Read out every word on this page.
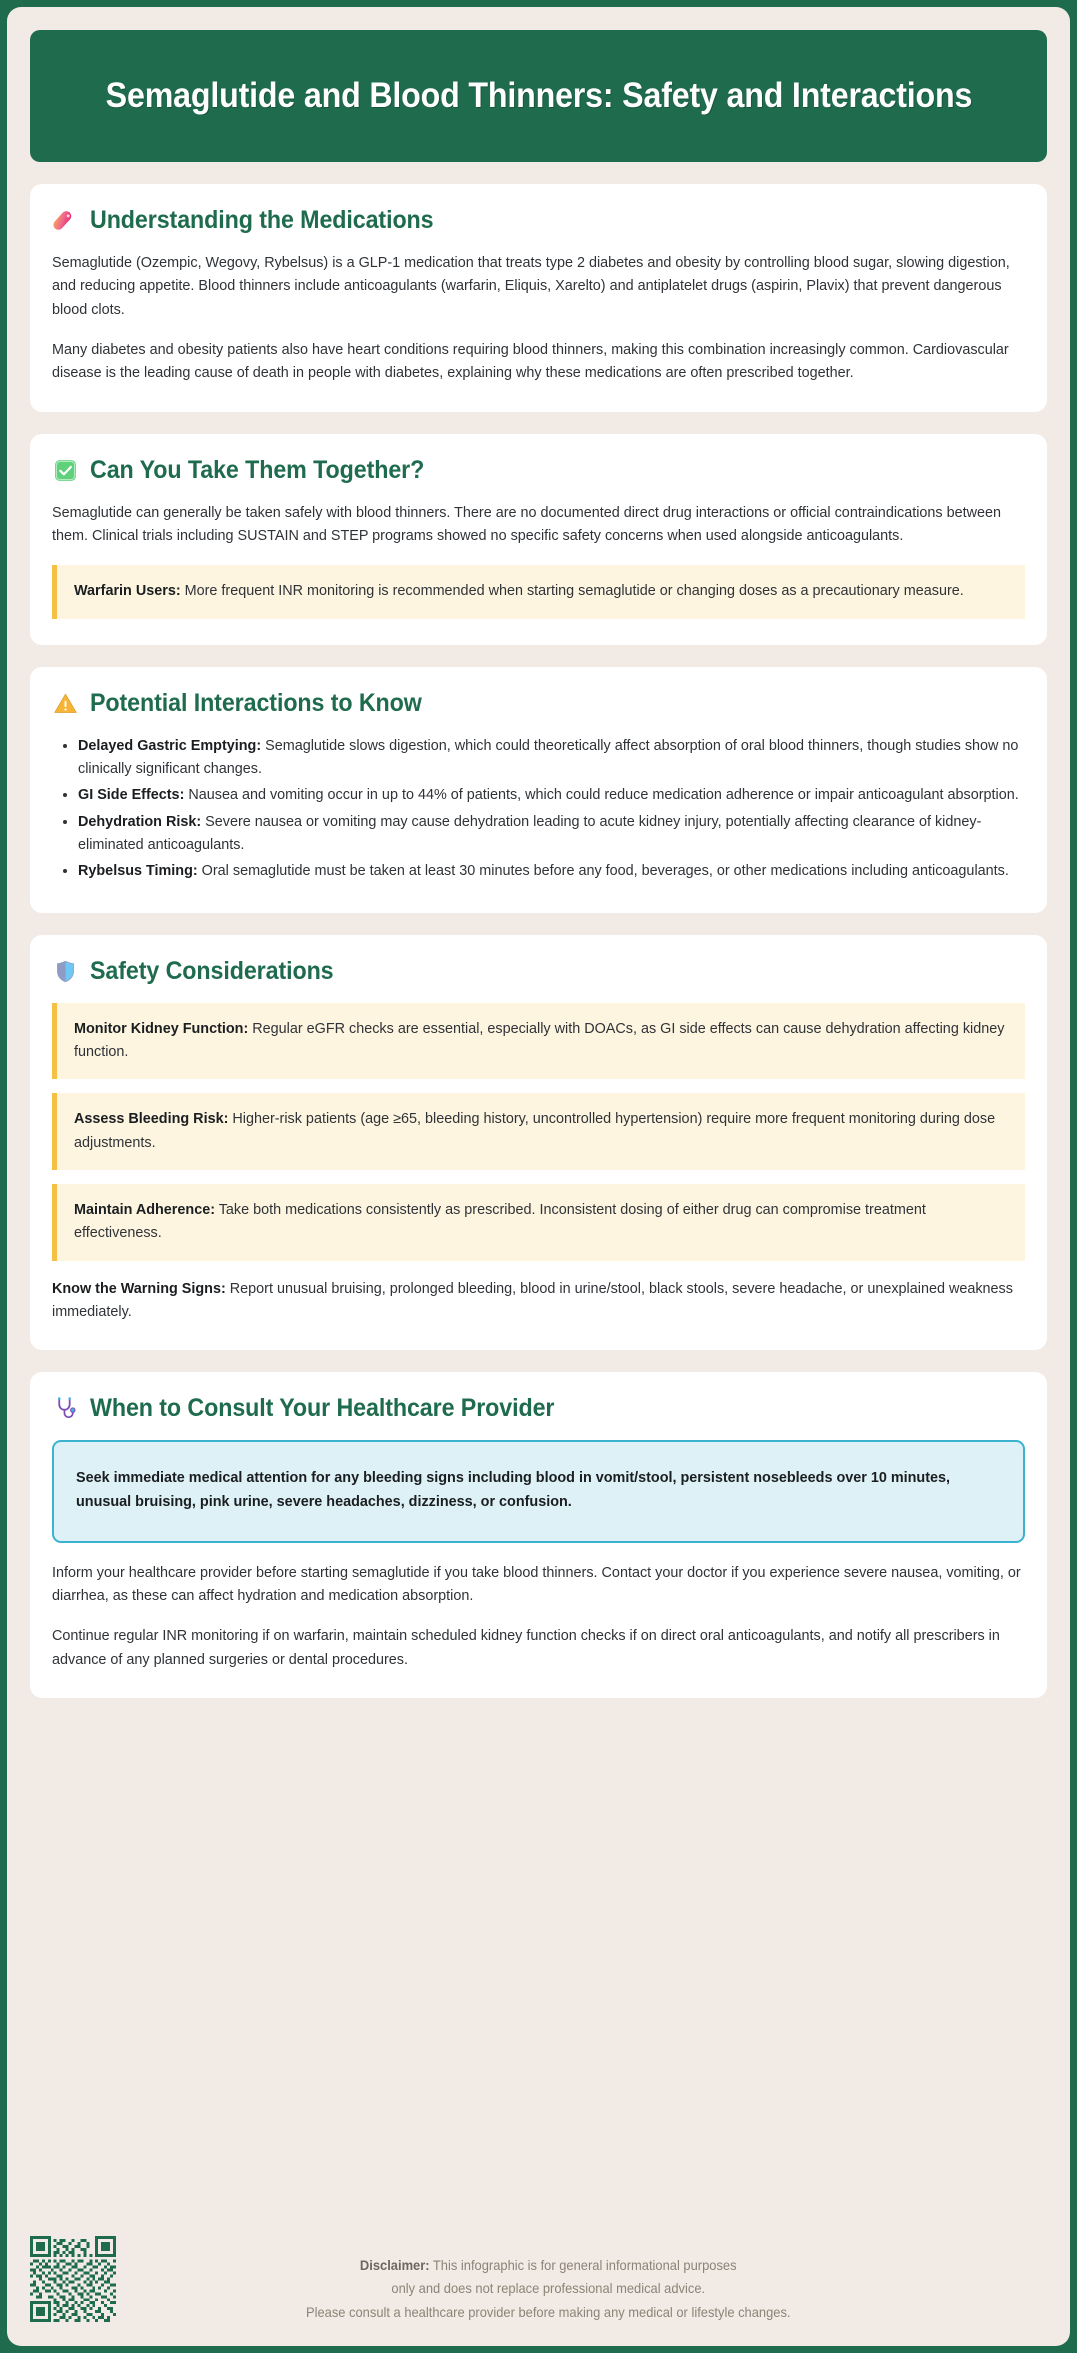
Semaglutide and Blood Thinners: Safety and Interactions
Understanding the Medications

Semaglutide (Ozempic, Wegovy, Rybelsus) is a GLP-1 medication that treats type 2 diabetes and obesity by controlling blood sugar, slowing digestion, and reducing appetite. Blood thinners include anticoagulants (warfarin, Eliquis, Xarelto) and antiplatelet drugs (aspirin, Plavix) that prevent dangerous blood clots.

Many diabetes and obesity patients also have heart conditions requiring blood thinners, making this combination increasingly common. Cardiovascular disease is the leading cause of death in people with diabetes, explaining why these medications are often prescribed together.

Can You Take Them Together?

Semaglutide can generally be taken safely with blood thinners. There are no documented direct drug interactions or official contraindications between them. Clinical trials including SUSTAIN and STEP programs showed no specific safety concerns when used alongside anticoagulants.

Warfarin Users: More frequent INR monitoring is recommended when starting semaglutide or changing doses as a precautionary measure.
Potential Interactions to Know
• Delayed Gastric Emptying: Semaglutide slows digestion, which could theoretically affect absorption of oral blood thinners, though studies show no clinically significant changes.
• GI Side Effects: Nausea and vomiting occur in up to 44% of patients, which could reduce medication adherence or impair anticoagulant absorption.
• Dehydration Risk: Severe nausea or vomiting may cause dehydration leading to acute kidney injury, potentially affecting clearance of kidney-eliminated anticoagulants.
• Rybelsus Timing: Oral semaglutide must be taken at least 30 minutes before any food, beverages, or other medications including anticoagulants.
Safety Considerations
Monitor Kidney Function: Regular eGFR checks are essential, especially with DOACs, as GI side effects can cause dehydration affecting kidney function.
Assess Bleeding Risk: Higher-risk patients (age ≥65, bleeding history, uncontrolled hypertension) require more frequent monitoring during dose adjustments.
Maintain Adherence: Take both medications consistently as prescribed. Inconsistent dosing of either drug can compromise treatment effectiveness.

Know the Warning Signs: Report unusual bruising, prolonged bleeding, blood in urine/stool, black stools, severe headache, or unexplained weakness immediately.

When to Consult Your Healthcare Provider
Seek immediate medical attention for any bleeding signs including blood in vomit/stool, persistent nosebleeds over 10 minutes, unusual bruising, pink urine, severe headaches, dizziness, or confusion.

Inform your healthcare provider before starting semaglutide if you take blood thinners. Contact your doctor if you experience severe nausea, vomiting, or diarrhea, as these can affect hydration and medication absorption.

Continue regular INR monitoring if on warfarin, maintain scheduled kidney function checks if on direct oral anticoagulants, and notify all prescribers in advance of any planned surgeries or dental procedures.

Disclaimer: This infographic is for general informational purposes
only and does not replace professional medical advice.
Please consult a healthcare provider before making any medical or lifestyle changes.
